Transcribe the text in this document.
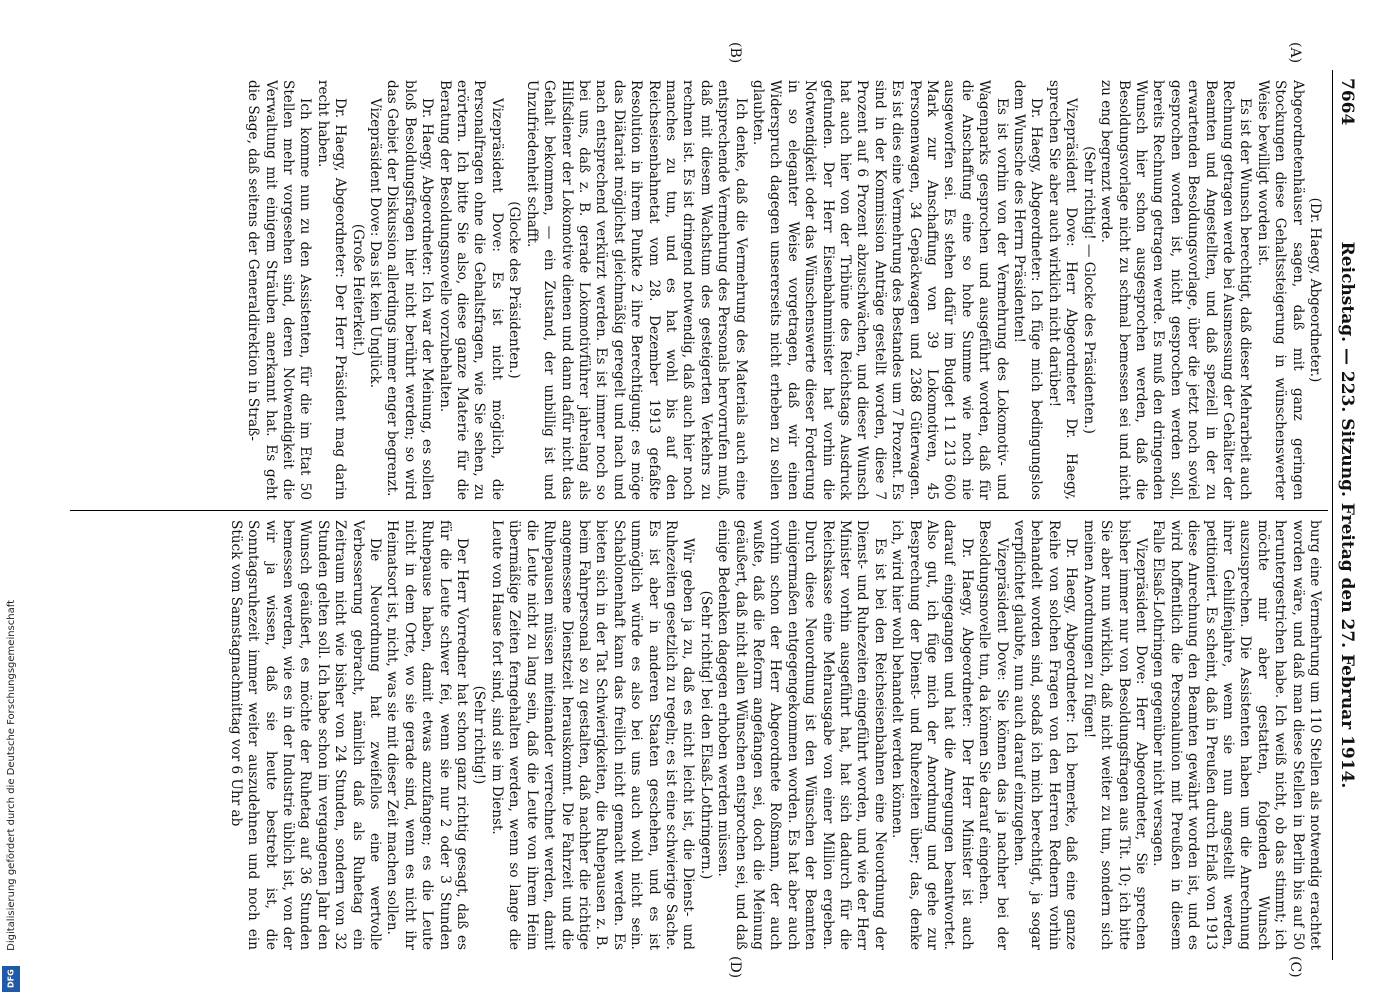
7664
Reichstag. — 223. Sitzung. Freitag den 27. Februar 1914.
(A)
(B)
(C)
(D)

(Dr. Haegy, Abgeordneter.)

Abgeordnetenhäuser sagen, daß mit ganz geringen Stockungen diese Gehaltssteigerung in wünschenswerter Weise bewilligt worden ist.

Es ist der Wunsch berechtigt, daß dieser Mehrarbeit auch Rechnung getragen werde bei Ausmessung der Gehälter der Beamten und Angestellten, und daß speziell in der zu erwartenden Besoldungsvorlage, über die jetzt noch soviel gesprochen worden ist, nicht gesprochen werden soll, bereits Rechnung getragen werde. Es muß den dringenden Wunsch hier schon ausgesprochen werden, daß die Besoldungsvorlage nicht zu schmal bemessen sei und nicht zu eng begrenzt werde.

(Sehr richtig! — Glocke des Präsidenten.)

Vizepräsident Dove: Herr Abgeordneter Dr. Haegy, sprechen Sie aber auch wirklich nicht darüber!

Dr. Haegy, Abgeordneter: Ich füge mich bedingungslos dem Wunsche des Herrn Präsidenten!

Es ist vorhin von der Vermehrung des Lokomotiv- und Wagenparks gesprochen und ausgeführt worden, daß für die Anschaffung eine so hohe Summe wie noch nie ausgeworfen sei. Es stehen dafür im Budget 11 213 600 Mark zur Anschaffung von 39 Lokomotiven, 45 Personenwagen, 34 Gepäckwagen und 2368 Güterwagen. Es ist dies eine Vermehrung des Bestandes um 7 Prozent. Es sind in der Kommission Anträge gestellt worden, diese 7 Prozent auf 6 Prozent abzuschwächen, und dieser Wunsch hat auch hier von der Tribüne des Reichstags Ausdruck gefunden. Der Herr Eisenbahnminister hat vorhin die Notwendigkeit oder das Wünschenswerte dieser Forderung in so eleganter Weise vorgetragen, daß wir einen Widerspruch dagegen unsererseits nicht erheben zu sollen glaubten.

Ich denke, daß die Vermehrung des Materials auch eine entsprechende Vermehrung des Personals hervorrufen muß, daß mit diesem Wachstum des gesteigerten Verkehrs zu rechnen ist. Es ist dringend notwendig, daß auch hier noch manches zu tun, und es hat wohl bis auf den Reichseisenbahnetat vom 28. Dezember 1913 gefaßte Resolution in ihrem Punkte 2 ihre Berechtigung: es möge das Diätariat möglichst gleichmäßig geregelt und nach und nach entsprechend verkürzt werden. Es ist immer noch so bei uns, daß z. B. gerade Lokomotivführer jahrelang als Hilfsdiener der Lokomotive dienen und dann dafür nicht das Gehalt bekommen, — ein Zustand, der unbillig ist und Unzufriedenheit schafft.

(Glocke des Präsidenten.)

Vizepräsident Dove: Es ist nicht möglich, die Personalfragen ohne die Gehaltsfragen, wie Sie sehen, zu erörtern. Ich bitte Sie also, diese ganze Materie für die Beratung der Besoldungsnovelle vorzubehalten.

Dr. Haegy, Abgeordneter: Ich war der Meinung, es sollen bloß Besoldungsfragen hier nicht berührt werden; so wird das Gebiet der Diskussion allerdings immer enger begrenzt.

Vizepräsident Dove: Das ist kein Unglück.

(Große Heiterkeit.)

Dr. Haegy, Abgeordneter: Der Herr Präsident mag darin recht haben.

Ich komme nun zu den Assistenten, für die im Etat 50 Stellen mehr vorgesehen sind, deren Notwendigkeit die Verwaltung mit einigem Sträuben anerkannt hat. Es geht die Sage, daß seitens der Generaldirektion in Straß-

burg eine Vermehrung um 110 Stellen als notwendig erachtet worden wäre, und daß man diese Stellen in Berlin bis auf 50 heruntergestrichen habe. Ich weiß nicht, ob das stimmt; ich möchte mir aber gestatten, folgenden Wunsch auszusprechen. Die Assistenten haben um die Anrechnung ihrer Gehilfenjahre, wenn sie nun angestellt werden, petitioniert. Es scheint, daß in Preußen durch Erlaß von 1913 diese Anrechnung den Beamten gewährt worden ist, und es wird hoffentlich die Personalunion mit Preußen in diesem Falle Elsaß-Lothringen gegenüber nicht versagen.

Vizepräsident Dove: Herr Abgeordneter, Sie sprechen bisher immer nur von Besoldungsfragen aus Tit. 10; ich bitte Sie aber nun wirklich, daß nicht weiter zu tun, sondern sich meinen Anordnungen zu fügen!

Dr. Haegy, Abgeordneter: Ich bemerke, daß eine ganze Reihe von solchen Fragen von den Herren Rednern vorhin behandelt worden sind, sodaß ich mich berechtigt, ja sogar verpflichtet glaubte, nun auch darauf einzugehen.

Vizepräsident Dove: Sie können das ja nachher bei der Besoldungsnovelle tun, da können Sie darauf eingehen.

Dr. Haegy, Abgeordneter: Der Herr Minister ist auch darauf eingegangen und hat die Anregungen beantwortet. Also gut, ich füge mich der Anordnung und gehe zur Besprechung der Dienst- und Ruhezeiten über; das, denke ich, wird hier wohl behandelt werden können.

Es ist bei den Reichseisenbahnen eine Neuordnung der Dienst- und Ruhezeiten eingeführt worden, und wie der Herr Minister vorhin ausgeführt hat, hat sich dadurch für die Reichskasse eine Mehrausgabe von einer Million ergeben. Durch diese Neuordnung ist den Wünschen der Beamten einigermaßen entgegengekommen worden. Es hat aber auch vorhin schon der Herr Abgeordnete Roßmann, der auch wußte, daß die Reform angefangen sei, doch die Meinung geäußert, daß nicht allen Wünschen entsprochen sei, und daß einige Bedenken dagegen erhoben werden müssen.

(Sehr richtig! bei den Elsaß-Lothringern.)

Wir geben ja zu, daß es nicht leicht ist, die Dienst- und Ruhezeiten gesetzlich zu regeln; es ist eine schwierige Sache. Es ist aber in anderen Staaten geschehen, und es ist unmöglich würde es also bei uns auch wohl nicht sein. Schablonenhaft kann das freilich nicht gemacht werden. Es bieten sich in der Tat Schwierigkeiten, die Ruhepausen z. B. beim Fahrpersonal so zu gestalten, daß nachher die richtige angemessene Dienstzeit herauskommt. Die Fahrzeit und die Ruhepausen müssen miteinander verrechnet werden, damit die Leute nicht zu lang sein, daß die Leute von ihrem Heim übermäßige Zeiten ferngehalten werden, wenn so lange die Leute von Hause fort sind, sind sie im Dienst.

(Sehr richtig!)

Der Herr Vorredner hat schon ganz richtig gesagt, daß es für die Leute schwer fei, wenn sie nur 2 oder 3 Stunden Ruhepause haben, damit etwas anzufangen; es die Leute nicht in dem Orte, wo sie gerade sind, wenn es nicht ihr Heimatsort ist, nicht, was sie mit dieser Zeit machen sollen.

Die Neuordnung hat zweifellos eine wertvolle Verbesserung gebracht, nämlich daß als Ruhetag ein Zeitraum nicht wie bisher von 24 Stunden, sondern von 32 Stunden gelten soll. Ich habe schon im vergangenen Jahr den Wunsch geäußert, es möchte der Ruhetag auf 36 Stunden bemessen werden, wie es in der Industrie üblich ist, von der wir ja wissen, daß sie heute bestrebt ist, die Sonntagsruhezeit immer weiter auszudehnen und noch ein Stück vom Samstagnachmittag vor 6 Uhr ab

Digitalisierung gefördert durch die Deutsche Forschungsgemeinschaft
DFG
